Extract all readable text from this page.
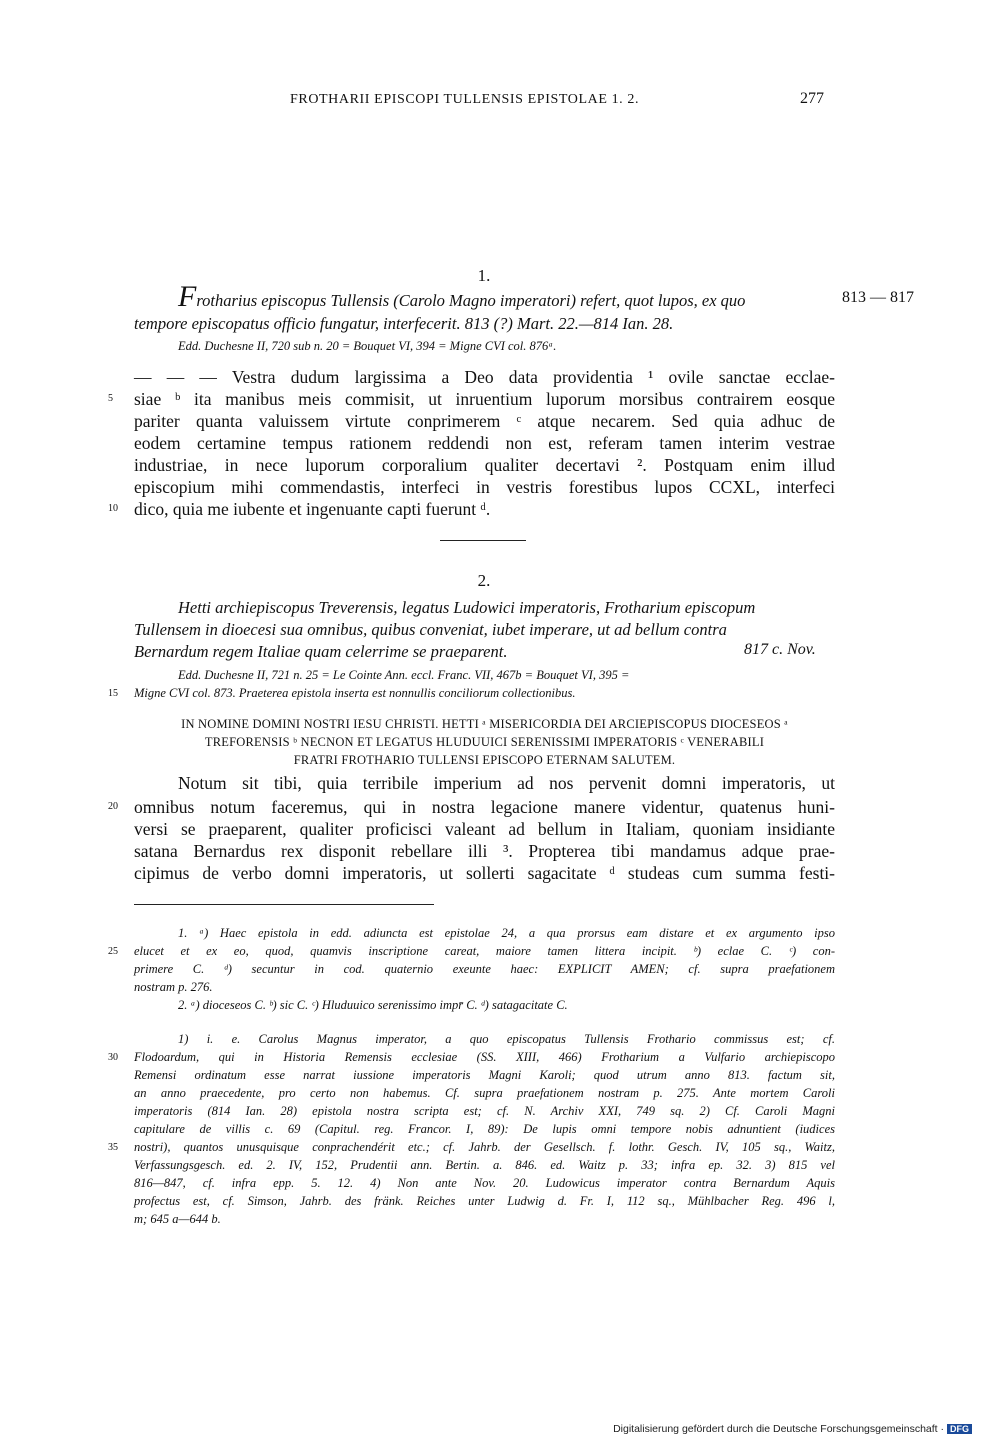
FROTHARII EPISCOPI TULLENSIS EPISTOLAE 1. 2.	277
1.
Frotharius episcopus Tullensis (Carolo Magno imperatori) refert, quot lupos, ex quo	813 — 817
tempore episcopatus officio fungatur, interfecerit. 813 (?) Mart. 22.—814 Ian. 28.
Edd. Duchesne II, 720 sub n. 20 = Bouquet VI, 394 = Migne CVI col. 876ᵃ.
— — — Vestra dudum largissima a Deo data providentia ¹ ovile sanctae ecclae-
5 siae ᵇ ita manibus meis commisit, ut inruentium luporum morsibus contrairem eosque
pariter quanta valuissem virtute conprimerem ᶜ atque necarem. Sed quia adhuc de
eodem certamine tempus rationem reddendi non est, referam tamen interim vestrae
industriae, in nece luporum corporalium qualiter decertavi ². Postquam enim illud
episcopium mihi commendastis, interfeci in vestris forestibus lupos CCXL, interfeci
10 dico, quia me iubente et ingenuante capti fuerunt ᵈ.
2.
Hetti archiepiscopus Treverensis, legatus Ludowici imperatoris, Frotharium episcopum
Tullensem in dioecesi sua omnibus, quibus conveniat, iubet imperare, ut ad bellum contra
Bernardum regem Italiae quam celerrime se praeparent.	817 c. Nov.
Edd. Duchesne II, 721 n. 25 = Le Cointe Ann. eccl. Franc. VII, 467b = Bouquet VI, 395 =
15 Migne CVI col. 873. Praeterea epistola inserta est nonnullis conciliorum collectionibus.
IN NOMINE DOMINI NOSTRI IESU CHRISTI. HETTI ᵃ MISERICORDIA DEI ARCIEPISCOPUS DIOCESEOS ᵃ
TREFORENSIS ᵇ NECNON ET LEGATUS HLUDUUICI SERENISSIMI IMPERATORIS ᶜ VENERABILI
FRATRI FROTHARIO TULLENSI EPISCOPO ETERNAM SALUTEM.
Notum sit tibi, quia terribile imperium ad nos pervenit domni imperatoris, ut
20 omnibus notum faceremus, qui in nostra legacione manere videntur, quatenus huni-
versi se praeparent, qualiter proficisci valeant ad bellum in Italiam, quoniam insidiante
satana Bernardus rex disponit rebellare illi ³. Propterea tibi mandamus adque prae-
cipimus de verbo domni imperatoris, ut sollerti sagacitate ᵈ studeas cum summa festi-
1. ᵃ) Haec epistola in edd. adiuncta est epistolae 24, a qua prorsus eam distare et ex argumento ipso
25 elucet et ex eo, quod, quamvis inscriptione careat, maiore tamen littera incipit. ᵇ) eclae C. ᶜ) con-
primere C. ᵈ) secuntur in cod. quaternio exeunte haec: EXPLICIT AMEN; cf. supra praefationem
nostram p. 276.
2. ᵃ) dioceseos C. ᵇ) sic C. ᶜ) Hluduuico serenissimo impr̄ C. ᵈ) satagacitate C.
1) i. e. Carolus Magnus imperator, a quo episcopatus Tullensis Frothario commissus est; cf.
30 Flodoardum, qui in Historia Remensis ecclesiae (SS. XIII, 466) Frotharium a Vulfario archiepiscopo
Remensi ordinatum esse narrat iussione imperatoris Magni Karoli; quod utrum anno 813. factum sit,
an anno praecedente, pro certo non habemus. Cf. supra praefationem nostram p. 275. Ante mortem Caroli
imperatoris (814 Ian. 28) epistola nostra scripta est; cf. N. Archiv XXI, 749 sq. 2) Cf. Caroli Magni
capitulare de villis c. 69 (Capitul. reg. Francor. I, 89): De lupis omni tempore nobis adnuntient (iudices
35 nostri), quantos unusquisque conprachendérit etc.; cf. Jahrb. der Gesellsch. f. lothr. Gesch. IV, 105 sq., Waitz,
Verfassungsgesch. ed. 2. IV, 152, Prudentii ann. Bertin. a. 846. ed. Waitz p. 33; infra ep. 32. 3) 815 vel
816—847, cf. infra epp. 5. 12. 4) Non ante Nov. 20. Ludowicus imperator contra Bernardum Aquis
profectus est, cf. Simson, Jahrb. des fränk. Reiches unter Ludwig d. Fr. I, 112 sq., Mühlbacher Reg. 496 l,
m; 645 a—644 b.
Digitalisierung gefördert durch die Deutsche Forschungsgemeinschaft · DFG
